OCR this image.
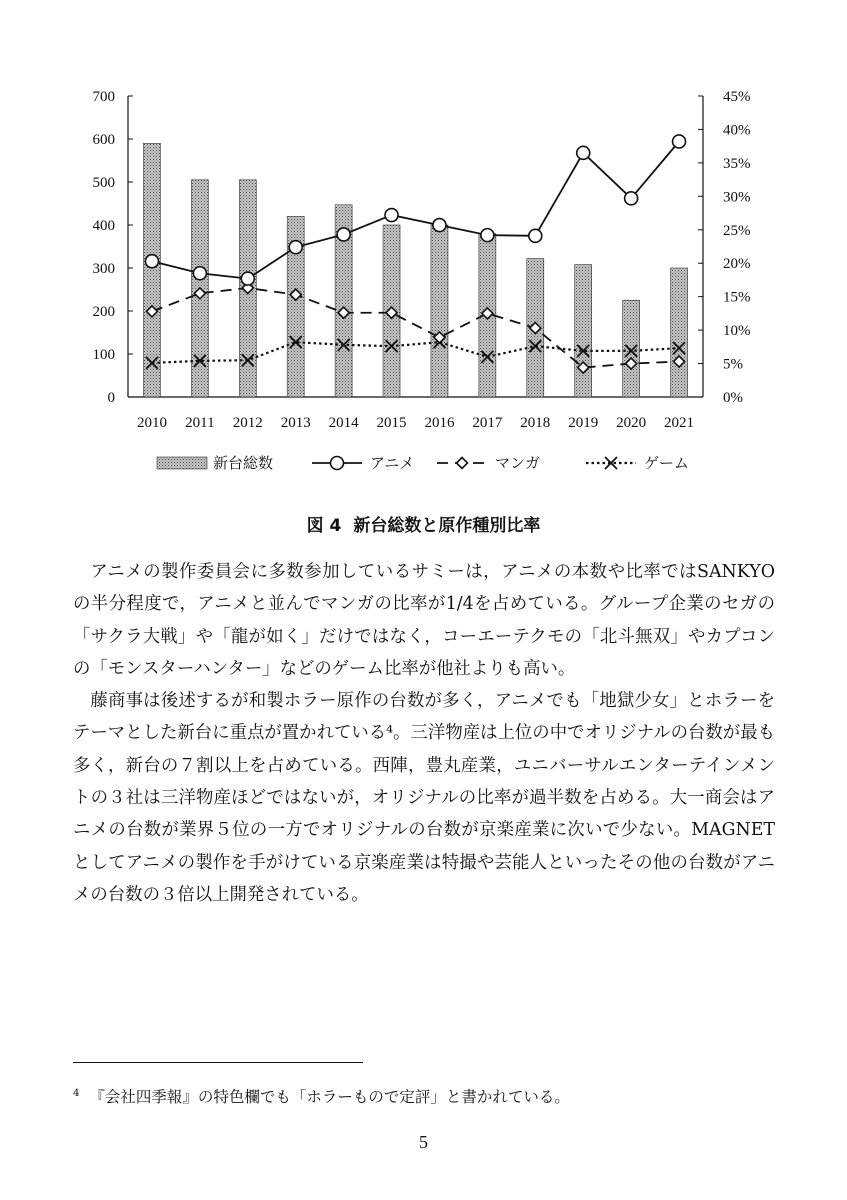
0
100
200
300
400
500
600
700
0%
5%
10%
15%
20%
25%
30%
35%
40%
45%
2010 2011 2012 2013 2014 2015 2016 2017 2018 2019 2020 2021
新台総数	アニメ	マンガ	ゲーム
図 4 新台総数と原作種別比率

アニメの製作委員会に多数参加しているサミーは，アニメの本数や比率ではSANKYOの半分程度で，アニメと並んでマンガの比率が1/4を占めている。グループ企業のセガの「サクラ大戦」や「龍が如く」だけではなく，コーエーテクモの「北斗無双」やカプコンの「モンスターハンター」などのゲーム比率が他社よりも高い。

藤商事は後述するが和製ホラー原作の台数が多く，アニメでも「地獄少女」とホラーをテーマとした新台に重点が置かれている⁴。三洋物産は上位の中でオリジナルの台数が最も多く，新台の７割以上を占めている。西陣，豊丸産業，ユニバーサルエンターテインメントの３社は三洋物産ほどではないが，オリジナルの比率が過半数を占める。大一商会はアニメの台数が業界５位の一方でオリジナルの台数が京楽産業に次いで少ない。MAGNETとしてアニメの製作を手がけている京楽産業は特撮や芸能人といったその他の台数がアニメの台数の３倍以上開発されている。

$^4$ 『会社四季報』の特色欄でも「ホラーもので定評」と書かれている。
5
